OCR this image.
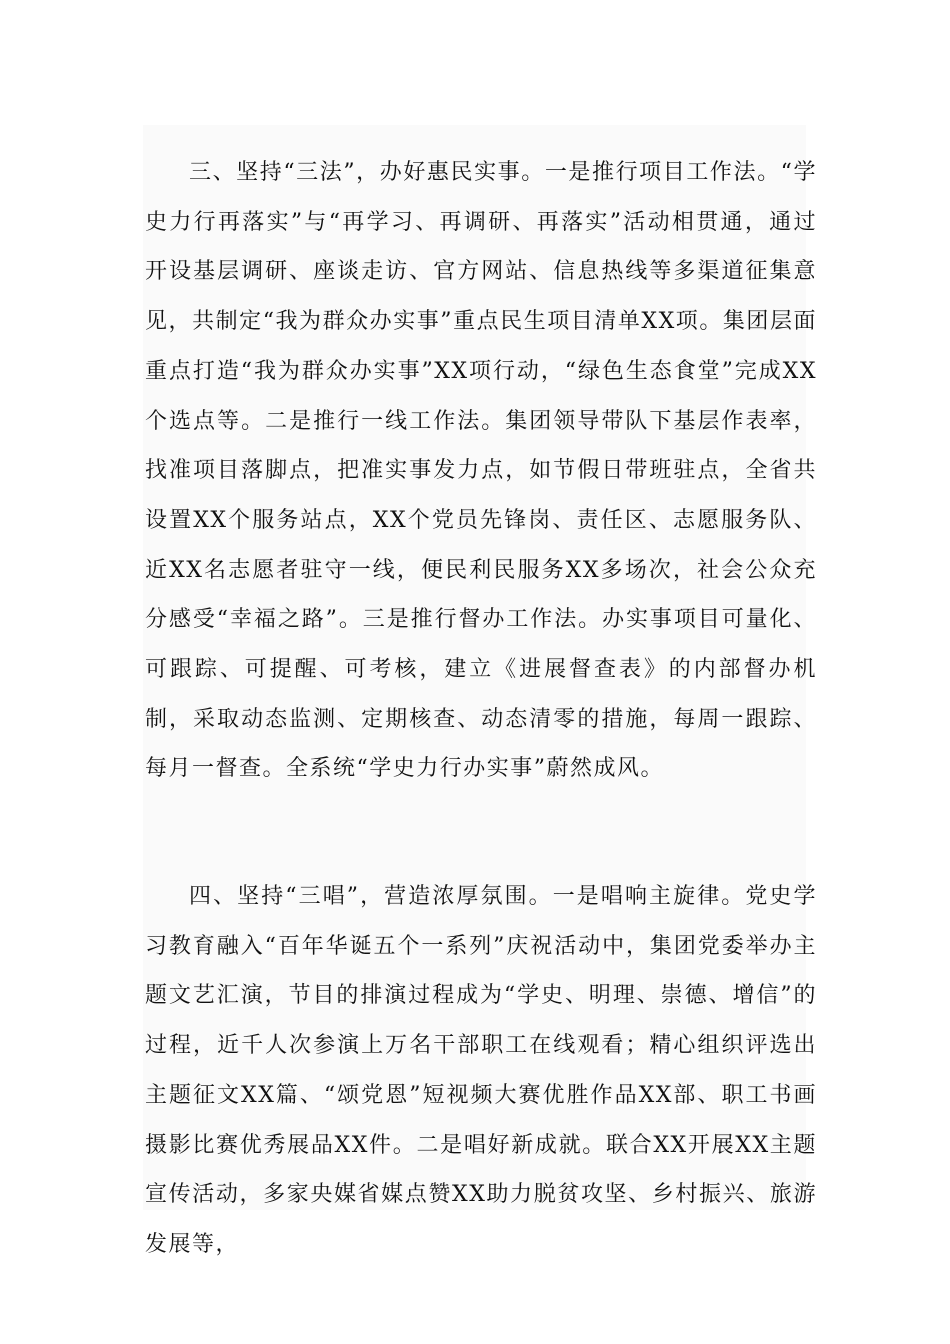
三、坚持“三法”，办好惠民实事。一是推行项目工作法。“学史力行再落实”与“再学习、再调研、再落实”活动相贯通，通过开设基层调研、座谈走访、官方网站、信息热线等多渠道征集意见，共制定“我为群众办实事”重点民生项目清单XX项。集团层面重点打造“我为群众办实事”XX项行动，“绿色生态食堂”完成XX个选点等。二是推行一线工作法。集团领导带队下基层作表率，找准项目落脚点，把准实事发力点，如节假日带班驻点，全省共设置XX个服务站点，XX个党员先锋岗、责任区、志愿服务队、近XX名志愿者驻守一线，便民利民服务XX多场次，社会公众充分感受“幸福之路”。三是推行督办工作法。办实事项目可量化、可跟踪、可提醒、可考核，建立《进展督查表》的内部督办机制，采取动态监测、定期核查、动态清零的措施，每周一跟踪、每月一督查。全系统“学史力行办实事”蔚然成风。

四、坚持“三唱”，营造浓厚氛围。一是唱响主旋律。党史学习教育融入“百年华诞五个一系列”庆祝活动中，集团党委举办主题文艺汇演，节目的排演过程成为“学史、明理、崇德、增信”的过程，近千人次参演上万名干部职工在线观看；精心组织评选出主题征文XX篇、“颂党恩”短视频大赛优胜作品XX部、职工书画摄影比赛优秀展品XX件。二是唱好新成就。联合XX开展XX主题宣传活动，多家央媒省媒点赞XX助力脱贫攻坚、乡村振兴、旅游发展等，
